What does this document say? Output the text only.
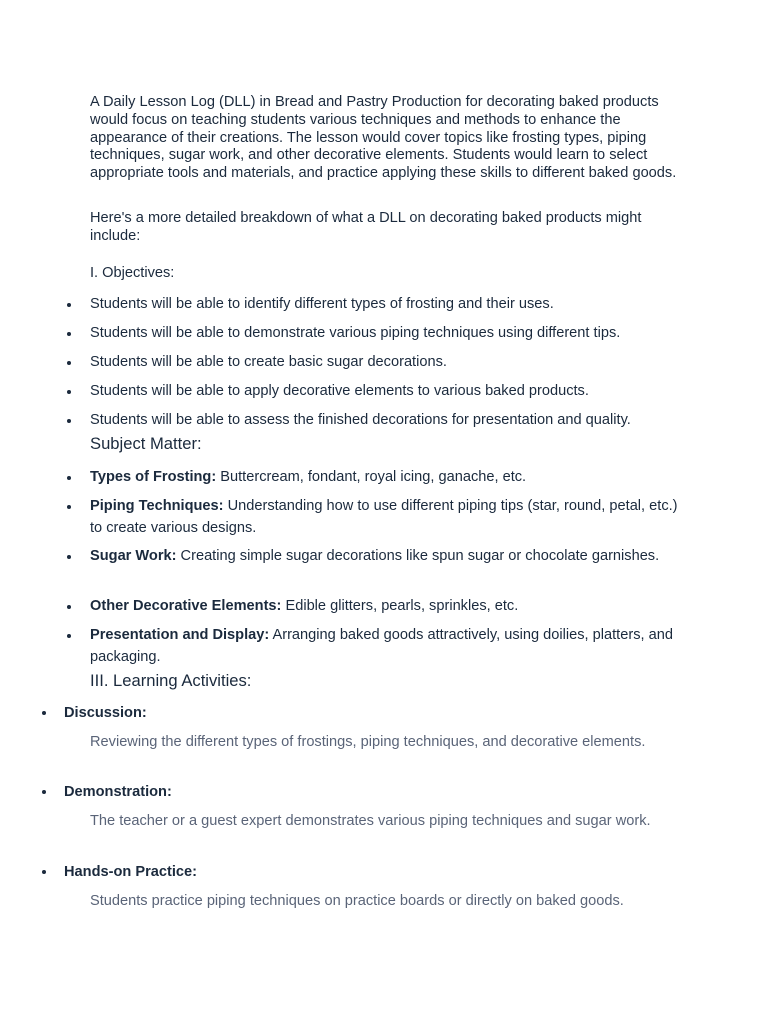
A Daily Lesson Log (DLL) in Bread and Pastry Production for decorating baked products would focus on teaching students various techniques and methods to enhance the appearance of their creations. The lesson would cover topics like frosting types, piping techniques, sugar work, and other decorative elements. Students would learn to select appropriate tools and materials, and practice applying these skills to different baked goods.

Here's a more detailed breakdown of what a DLL on decorating baked products might include:

I. Objectives:

Students will be able to identify different types of frosting and their uses.
Students will be able to demonstrate various piping techniques using different tips.
Students will be able to create basic sugar decorations.
Students will be able to apply decorative elements to various baked products.
Students will be able to assess the finished decorations for presentation and quality.
Subject Matter:
Types of Frosting: Buttercream, fondant, royal icing, ganache, etc.
Piping Techniques: Understanding how to use different piping tips (star, round, petal, etc.) to create various designs.
Sugar Work: Creating simple sugar decorations like spun sugar or chocolate garnishes.
Other Decorative Elements: Edible glitters, pearls, sprinkles, etc.
Presentation and Display: Arranging baked goods attractively, using doilies, platters, and packaging.
III. Learning Activities:
Discussion:
Reviewing the different types of frostings, piping techniques, and decorative elements.
Demonstration:
The teacher or a guest expert demonstrates various piping techniques and sugar work.
Hands-on Practice:
Students practice piping techniques on practice boards or directly on baked goods.
